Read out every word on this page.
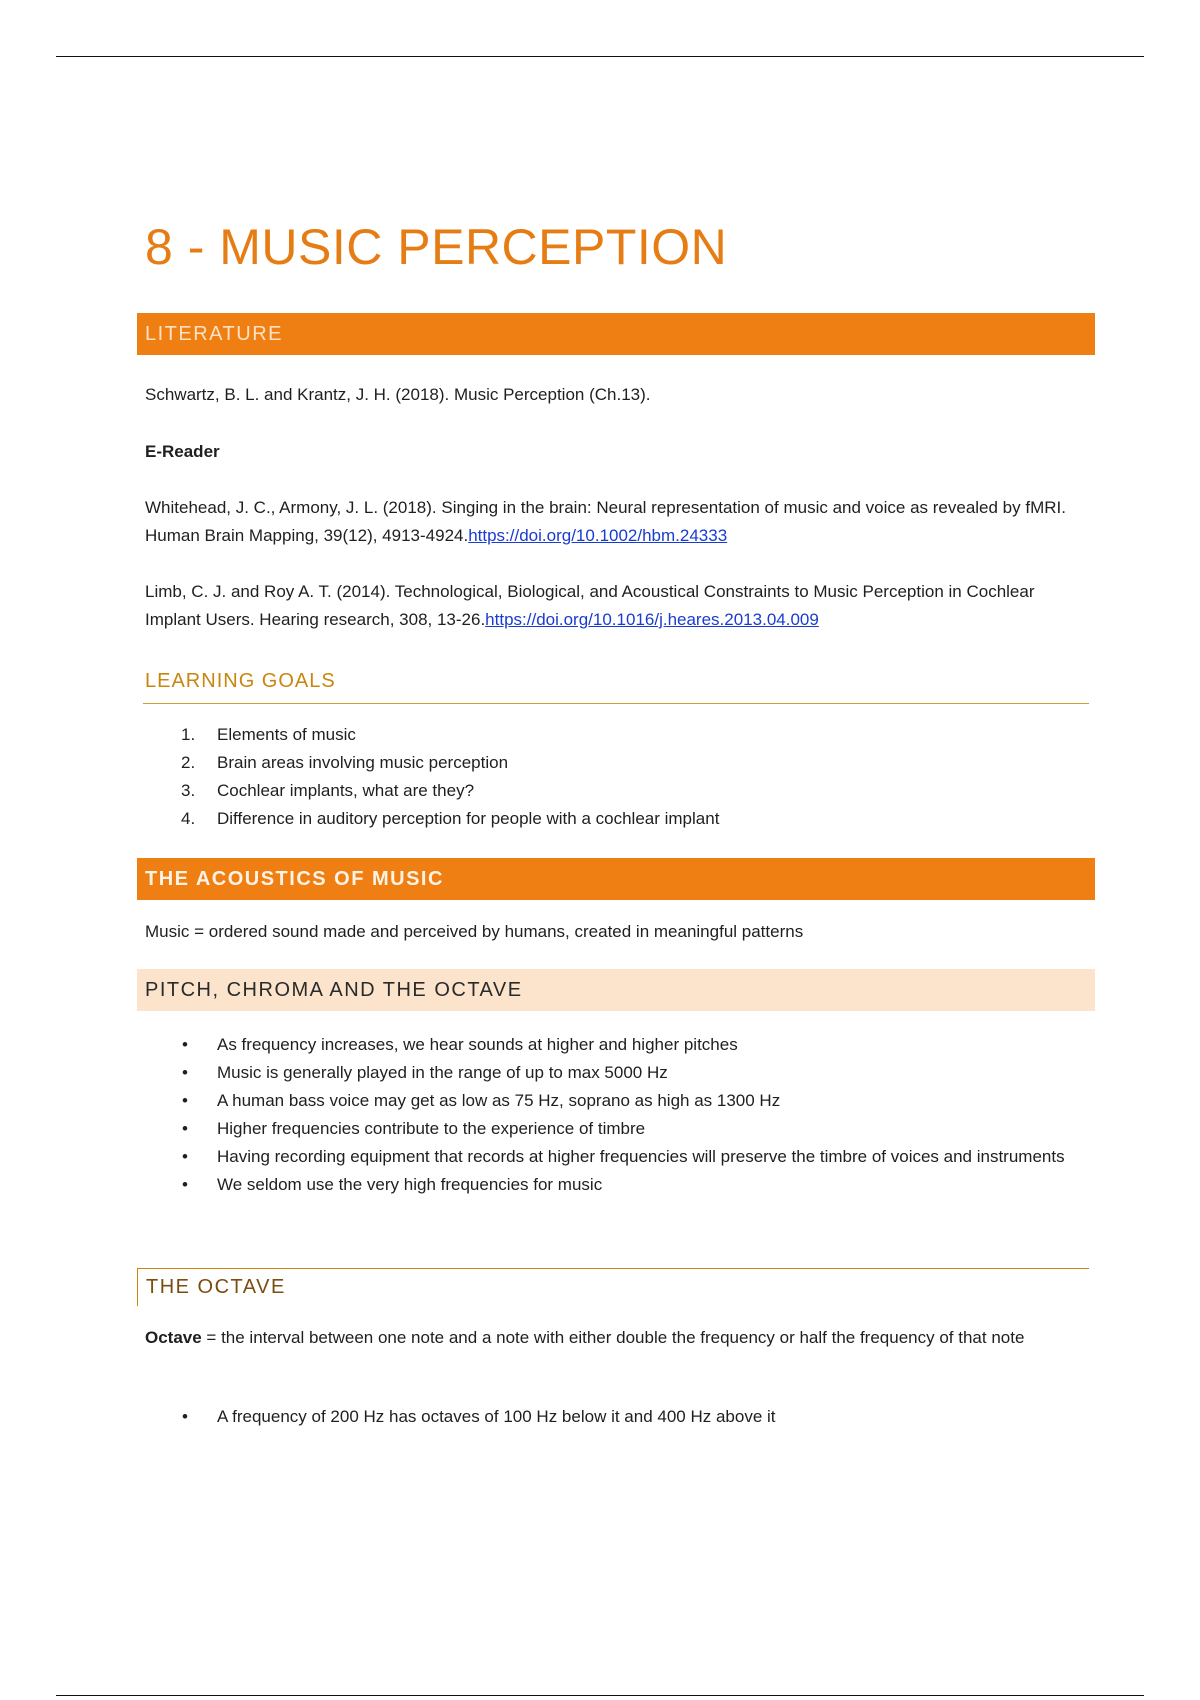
8 - MUSIC PERCEPTION
LITERATURE

Schwartz, B. L. and Krantz, J. H. (2018). Music Perception (Ch.13).

E-Reader

Whitehead, J. C., Armony, J. L. (2018). Singing in the brain: Neural representation of music and voice as revealed by fMRI. Human Brain Mapping, 39(12), 4913-4924.https://doi.org/10.1002/hbm.24333

Limb, C. J. and Roy A. T. (2014). Technological, Biological, and Acoustical Constraints to Music Perception in Cochlear Implant Users. Hearing research, 308, 13-26.https://doi.org/10.1016/j.heares.2013.04.009

LEARNING GOALS
1. Elements of music
2. Brain areas involving music perception
3. Cochlear implants, what are they?
4. Difference in auditory perception for people with a cochlear implant
THE ACOUSTICS OF MUSIC

Music = ordered sound made and perceived by humans, created in meaningful patterns

PITCH, CHROMA AND THE OCTAVE
• As frequency increases, we hear sounds at higher and higher pitches
• Music is generally played in the range of up to max 5000 Hz
• A human bass voice may get as low as 75 Hz, soprano as high as 1300 Hz
• Higher frequencies contribute to the experience of timbre
• Having recording equipment that records at higher frequencies will preserve the timbre of voices and instruments
• We seldom use the very high frequencies for music
THE OCTAVE

Octave = the interval between one note and a note with either double the frequency or half the frequency of that note

• A frequency of 200 Hz has octaves of 100 Hz below it and 400 Hz above it
